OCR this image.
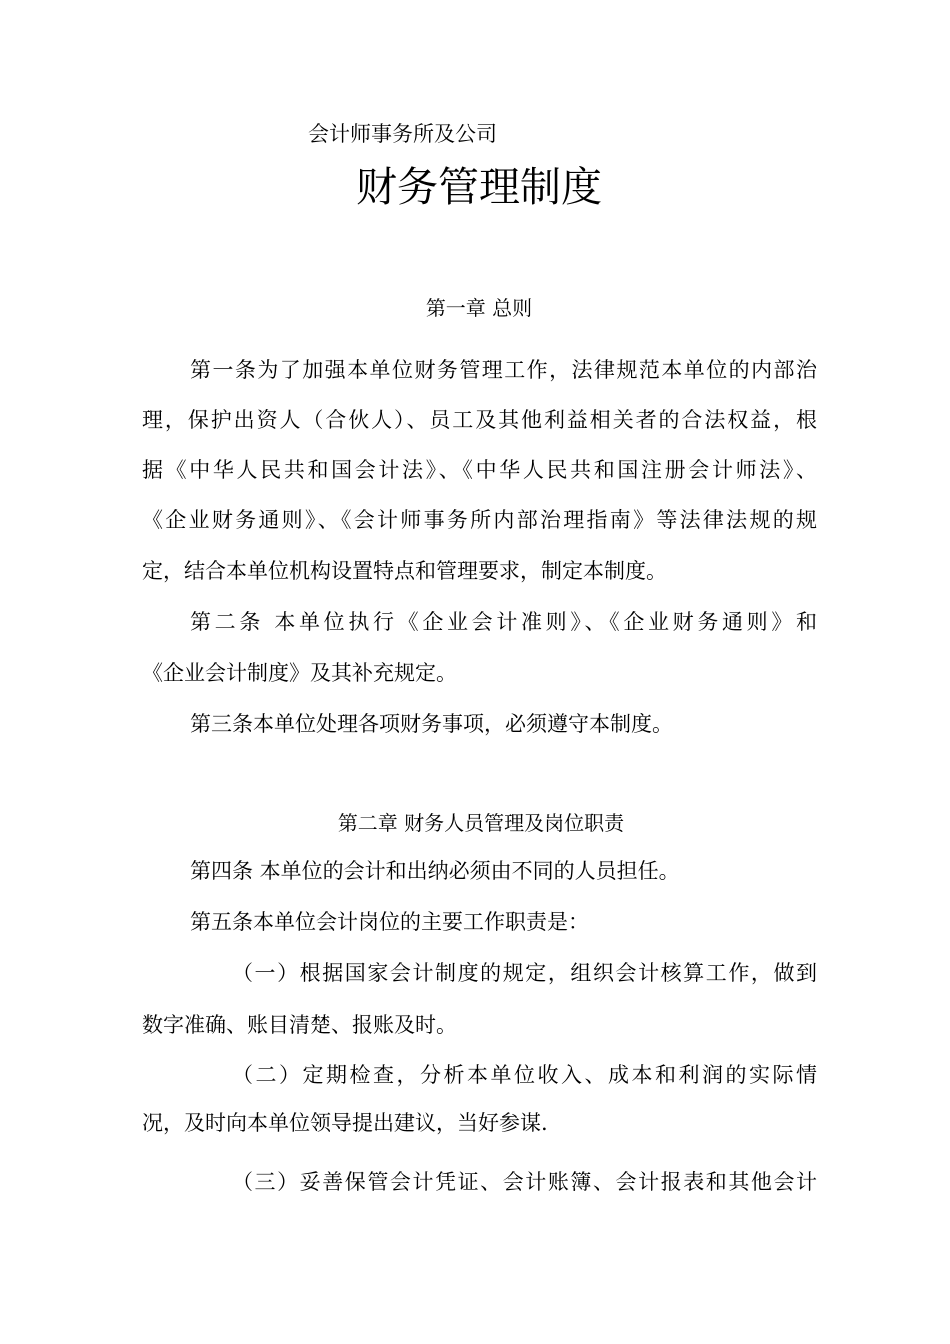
会计师事务所及公司
财务管理制度
第一章 总则
第一条为了加强本单位财务管理工作，法律规范本单位的内部治
理，保护出资人（合伙人）、员工及其他利益相关者的合法权益，根
据《中华人民共和国会计法》、《中华人民共和国注册会计师法》、
《企业财务通则》、《会计师事务所内部治理指南》等法律法规的规
定，结合本单位机构设置特点和管理要求，制定本制度。
第二条 本单位执行《企业会计准则》、《企业财务通则》和
《企业会计制度》及其补充规定。
第三条本单位处理各项财务事项，必须遵守本制度。
第二章 财务人员管理及岗位职责
第四条 本单位的会计和出纳必须由不同的人员担任。
第五条本单位会计岗位的主要工作职责是：
（一）根据国家会计制度的规定，组织会计核算工作，做到
数字准确、账目清楚、报账及时。
（二）定期检查，分析本单位收入、成本和利润的实际情
况，及时向本单位领导提出建议，当好参谋.
（三）妥善保管会计凭证、会计账簿、会计报表和其他会计
